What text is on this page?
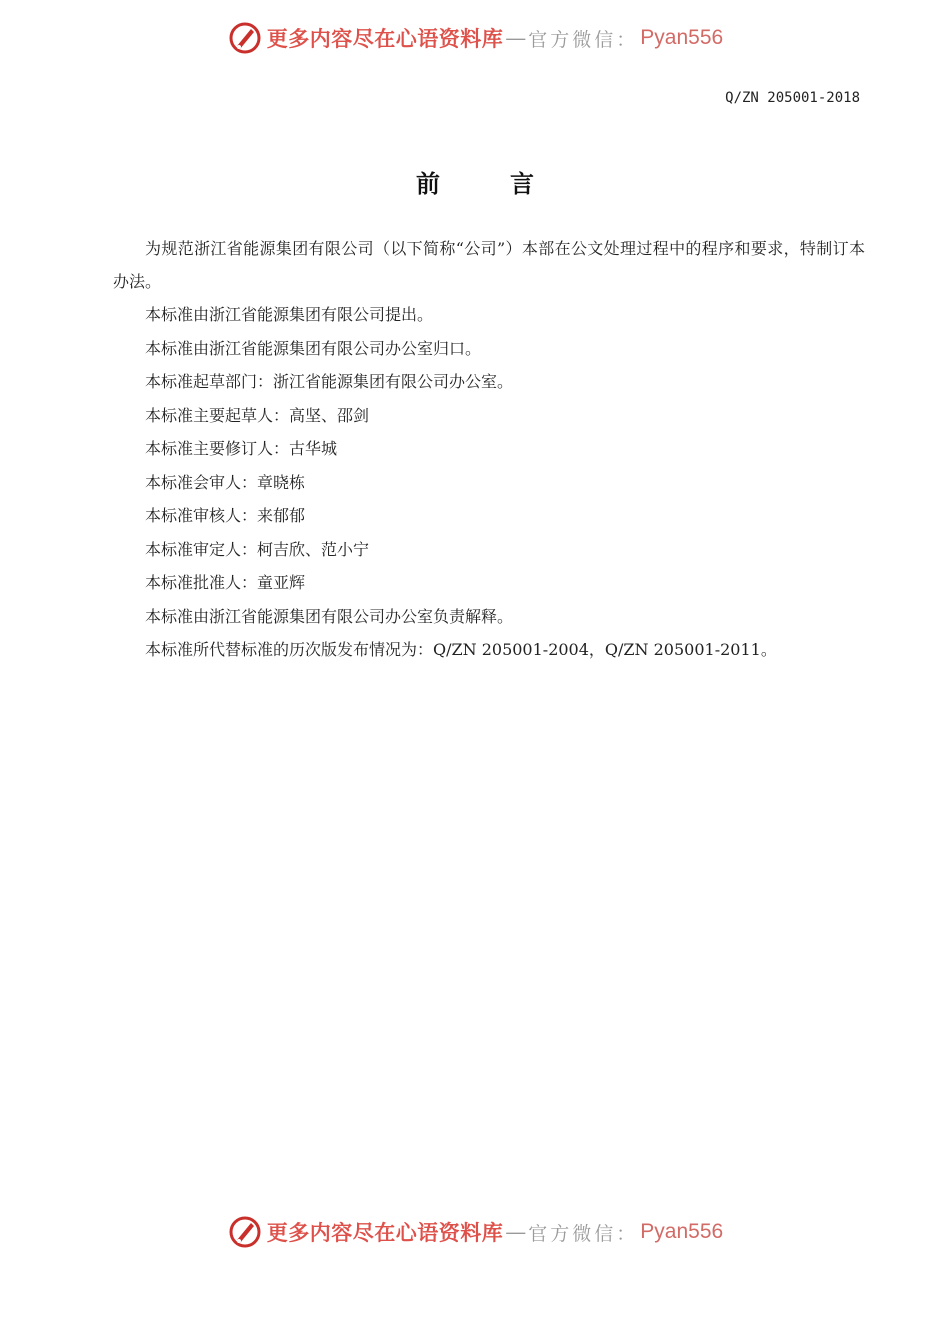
更多内容尽在心语资料库 — 官方微信： Pyan556
Q/ZN 205001-2018
前	言

为规范浙江省能源集团有限公司（以下简称“公司”）本部在公文处理过程中的程序和要求，特制订本办法。

本标准由浙江省能源集团有限公司提出。

本标准由浙江省能源集团有限公司办公室归口。

本标准起草部门：浙江省能源集团有限公司办公室。

本标准主要起草人：高坚、邵剑

本标准主要修订人：古华城

本标准会审人：章晓栋

本标准审核人：来郁郁

本标准审定人：柯吉欣、范小宁

本标准批准人：童亚辉

本标准由浙江省能源集团有限公司办公室负责解释。

本标准所代替标准的历次版发布情况为：Q/ZN 205001-2004，Q/ZN 205001-2011。

更多内容尽在心语资料库 — 官方微信： Pyan556
